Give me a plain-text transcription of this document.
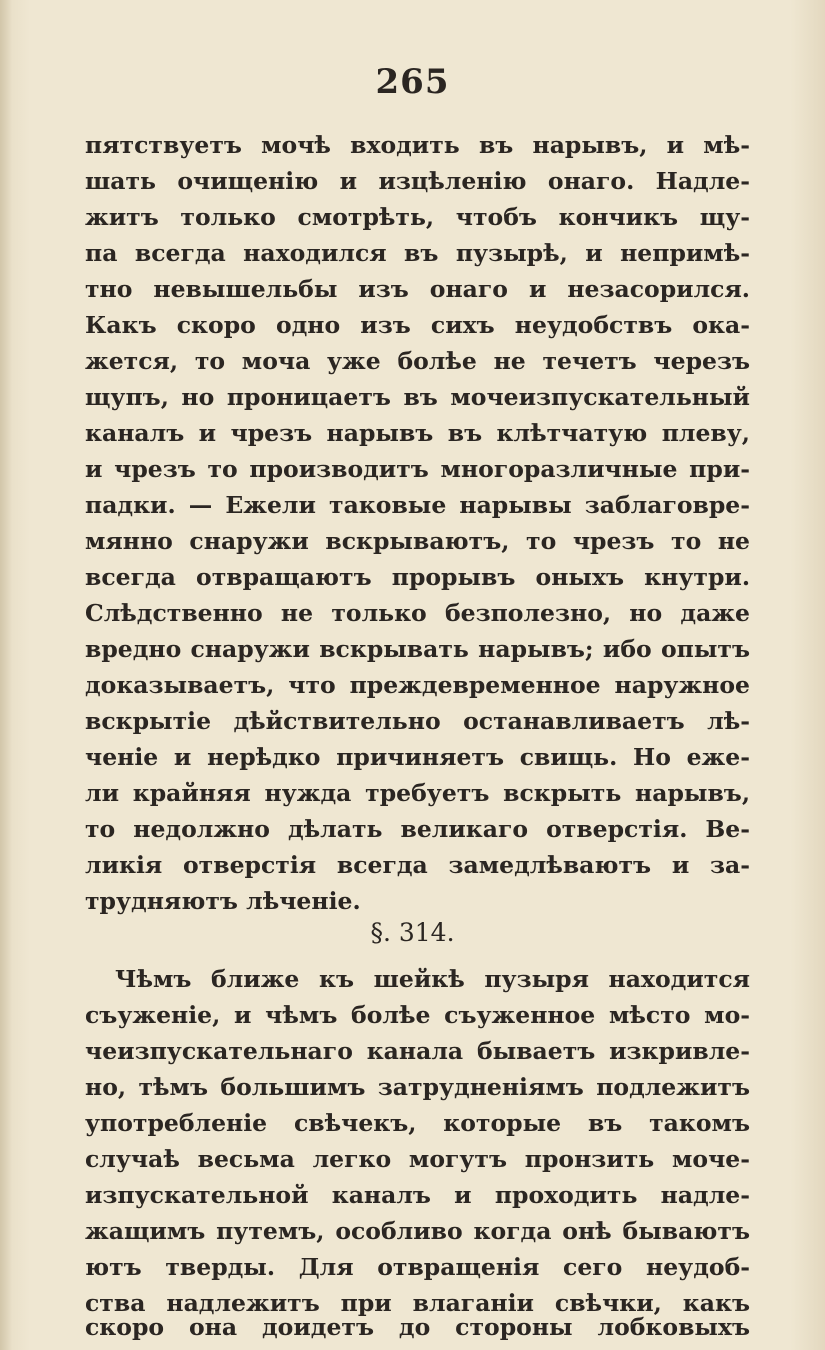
265
пятствуетъ мочѣ входить въ нарывъ, и мѣ-
шать очищенію и изцѣленію онаго. Надле-
житъ только смотрѣть, чтобъ кончикъ щу-
па всегда находился въ пузырѣ, и непримѣ-
тно невышельбы изъ онаго и незасорился.
Какъ скоро одно изъ сихъ неудобствъ ока-
жется, то моча уже болѣе не течетъ черезъ
щупъ, но проницаетъ въ мочеизпускательный
каналъ и чрезъ нарывъ въ клѣтчатую плеву,
и чрезъ то производитъ многоразличные при-
падки. — Ежели таковые нарывы заблаговре-
мянно снаружи вскрываютъ, то чрезъ то не
всегда отвращаютъ прорывъ оныхъ кнутри.
Слѣдственно не только безполезно, но даже
вредно снаружи вскрывать нарывъ; ибо опытъ
доказываетъ, что преждевременное наружное
вскрытіе дѣйствительно останавливаетъ лѣ-
ченіе и нерѣдко причиняетъ свищь. Но еже-
ли крайняя нужда требуетъ вскрыть нарывъ,
то недолжно дѣлать великаго отверстія. Ве-
ликія отверстія всегда замедлѣваютъ и за-
трудняютъ лѣченіе.
§. 314.
Чѣмъ ближе къ шейкѣ пузыря находится
съуженіе, и чѣмъ болѣе съуженное мѣсто мо-
чеизпускательнаго канала бываетъ изкривле-
но, тѣмъ большимъ затрудненіямъ подлежитъ
употребленіе свѣчекъ, которые въ такомъ
случаѣ весьма легко могутъ пронзить моче-
изпускательной каналъ и проходить надле-
жащимъ путемъ, особливо когда онѣ бываютъ
ютъ тверды. Для отвращенія сего неудоб-
ства надлежитъ при влаганіи свѣчки, какъ
скоро она доидетъ до стороны лобковыхъ
